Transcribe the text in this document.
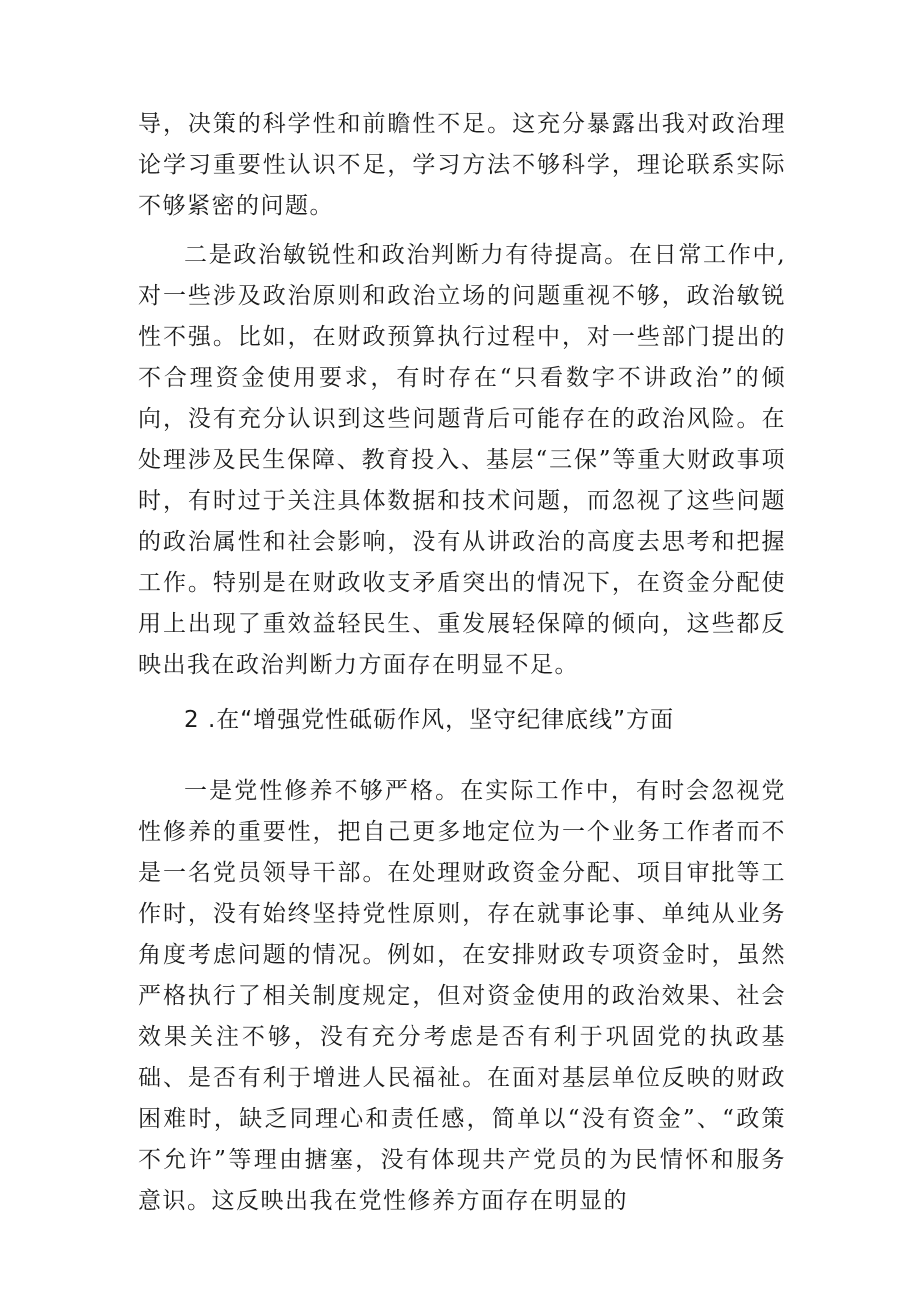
导，决策的科学性和前瞻性不足。这充分暴露出我对政治理论学习重要性认识不足，学习方法不够科学，理论联系实际不够紧密的问题。

二是政治敏锐性和政治判断力有待提高。在日常工作中,对一些涉及政治原则和政治立场的问题重视不够，政治敏锐性不强。比如，在财政预算执行过程中，对一些部门提出的不合理资金使用要求，有时存在“只看数字不讲政治”的倾向，没有充分认识到这些问题背后可能存在的政治风险。在处理涉及民生保障、教育投入、基层“三保”等重大财政事项时，有时过于关注具体数据和技术问题，而忽视了这些问题的政治属性和社会影响，没有从讲政治的高度去思考和把握工作。特别是在财政收支矛盾突出的情况下，在资金分配使用上出现了重效益轻民生、重发展轻保障的倾向，这些都反映出我在政治判断力方面存在明显不足。

2 .在“增强党性砥砺作风，坚守纪律底线”方面

一是党性修养不够严格。在实际工作中，有时会忽视党性修养的重要性，把自己更多地定位为一个业务工作者而不是一名党员领导干部。在处理财政资金分配、项目审批等工作时，没有始终坚持党性原则，存在就事论事、单纯从业务角度考虑问题的情况。例如，在安排财政专项资金时，虽然严格执行了相关制度规定，但对资金使用的政治效果、社会效果关注不够，没有充分考虑是否有利于巩固党的执政基础、是否有利于增进人民福祉。在面对基层单位反映的财政困难时，缺乏同理心和责任感，简单以“没有资金”、“政策不允许”等理由搪塞，没有体现共产党员的为民情怀和服务意识。这反映出我在党性修养方面存在明显的
